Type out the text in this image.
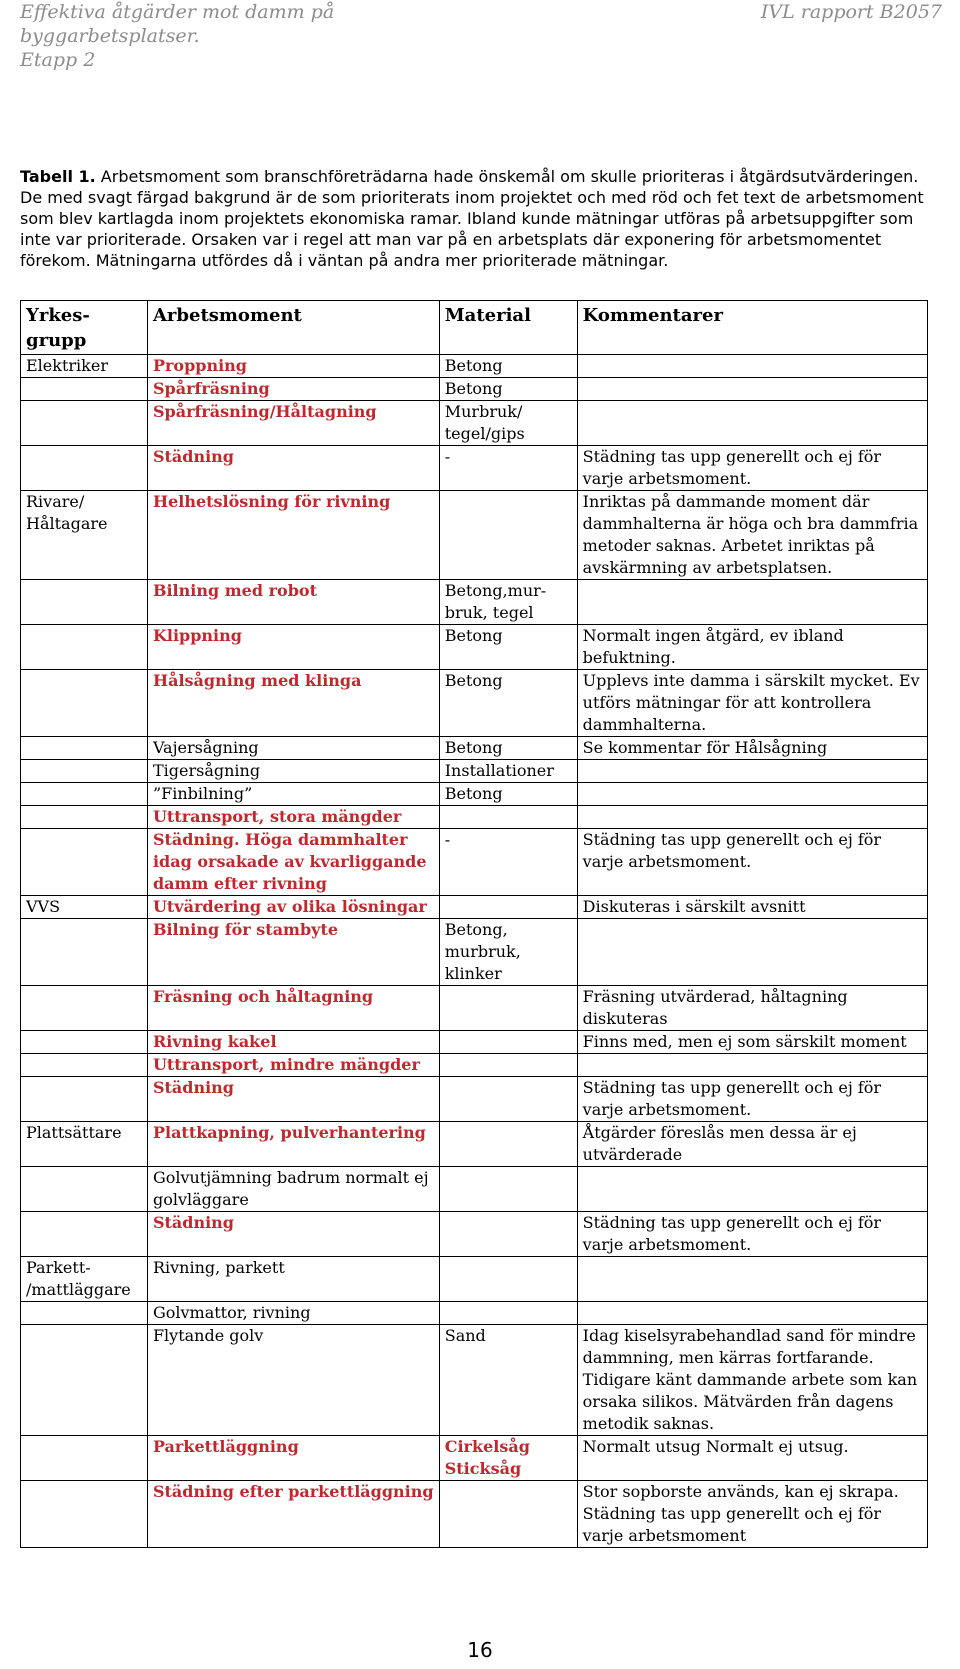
Effektiva åtgärder mot damm på byggarbetsplatser.
Etapp 2
IVL rapport B2057
Tabell 1. Arbetsmoment som branschföreträdarna hade önskemål om skulle prioriteras i åtgärdsutvärderingen. De med svagt färgad bakgrund är de som prioriterats inom projektet och med röd och fet text de arbetsmoment som blev kartlagda inom projektets ekonomiska ramar. Ibland kunde mätningar utföras på arbetsuppgifter som inte var prioriterade. Orsaken var i regel att man var på en arbetsplats där exponering för arbetsmomentet förekom. Mätningarna utfördes då i väntan på andra mer prioriterade mätningar.
Yrkes-grupp	Arbetsmoment	Material	Kommentarer
Elektriker	Proppning	Betong	
	Spårfräsning	Betong	
	Spårfräsning/Håltagning	Murbruk/ tegel/gips	
	Städning	-	Städning tas upp generellt och ej för varje arbetsmoment.
Rivare/ Håltagare	Helhetslösning för rivning		Inriktas på dammande moment där dammhalterna är höga och bra dammfria metoder saknas. Arbetet inriktas på avskärmning av arbetsplatsen.
	Bilning med robot	Betong,mur-bruk, tegel	
	Klippning	Betong	Normalt ingen åtgärd, ev ibland befuktning.
	Hålsågning med klinga	Betong	Upplevs inte damma i särskilt mycket. Ev utförs mätningar för att kontrollera dammhalterna.
	Vajersågning	Betong	Se kommentar för Hålsågning
	Tigersågning	Installationer	
	”Finbilning”	Betong	
	Uttransport, stora mängder		
	Städning. Höga dammhalter idag orsakade av kvarliggande damm efter rivning	-	Städning tas upp generellt och ej för varje arbetsmoment.
VVS	Utvärdering av olika lösningar		Diskuteras i särskilt avsnitt
	Bilning för stambyte	Betong, murbruk, klinker	
	Fräsning och håltagning		Fräsning utvärderad, håltagning diskuteras
	Rivning kakel		Finns med, men ej som särskilt moment
	Uttransport, mindre mängder		
	Städning		Städning tas upp generellt och ej för varje arbetsmoment.
Plattsättare	Plattkapning, pulverhantering		Åtgärder föreslås men dessa är ej utvärderade
	Golvutjämning badrum normalt ej golvläggare		
	Städning		Städning tas upp generellt och ej för varje arbetsmoment.
Parkett- /mattläggare	Rivning, parkett		
	Golvmattor, rivning		
	Flytande golv	Sand	Idag kiselsyrabehandlad sand för mindre dammning, men kärras fortfarande. Tidigare känt dammande arbete som kan orsaka silikos. Mätvärden från dagens metodik saknas.
	Parkettläggning	Cirkelsåg Sticksåg	Normalt utsug Normalt ej utsug.
	Städning efter parkettläggning		Stor sopborste används, kan ej skrapa. Städning tas upp generellt och ej för varje arbetsmoment
16
